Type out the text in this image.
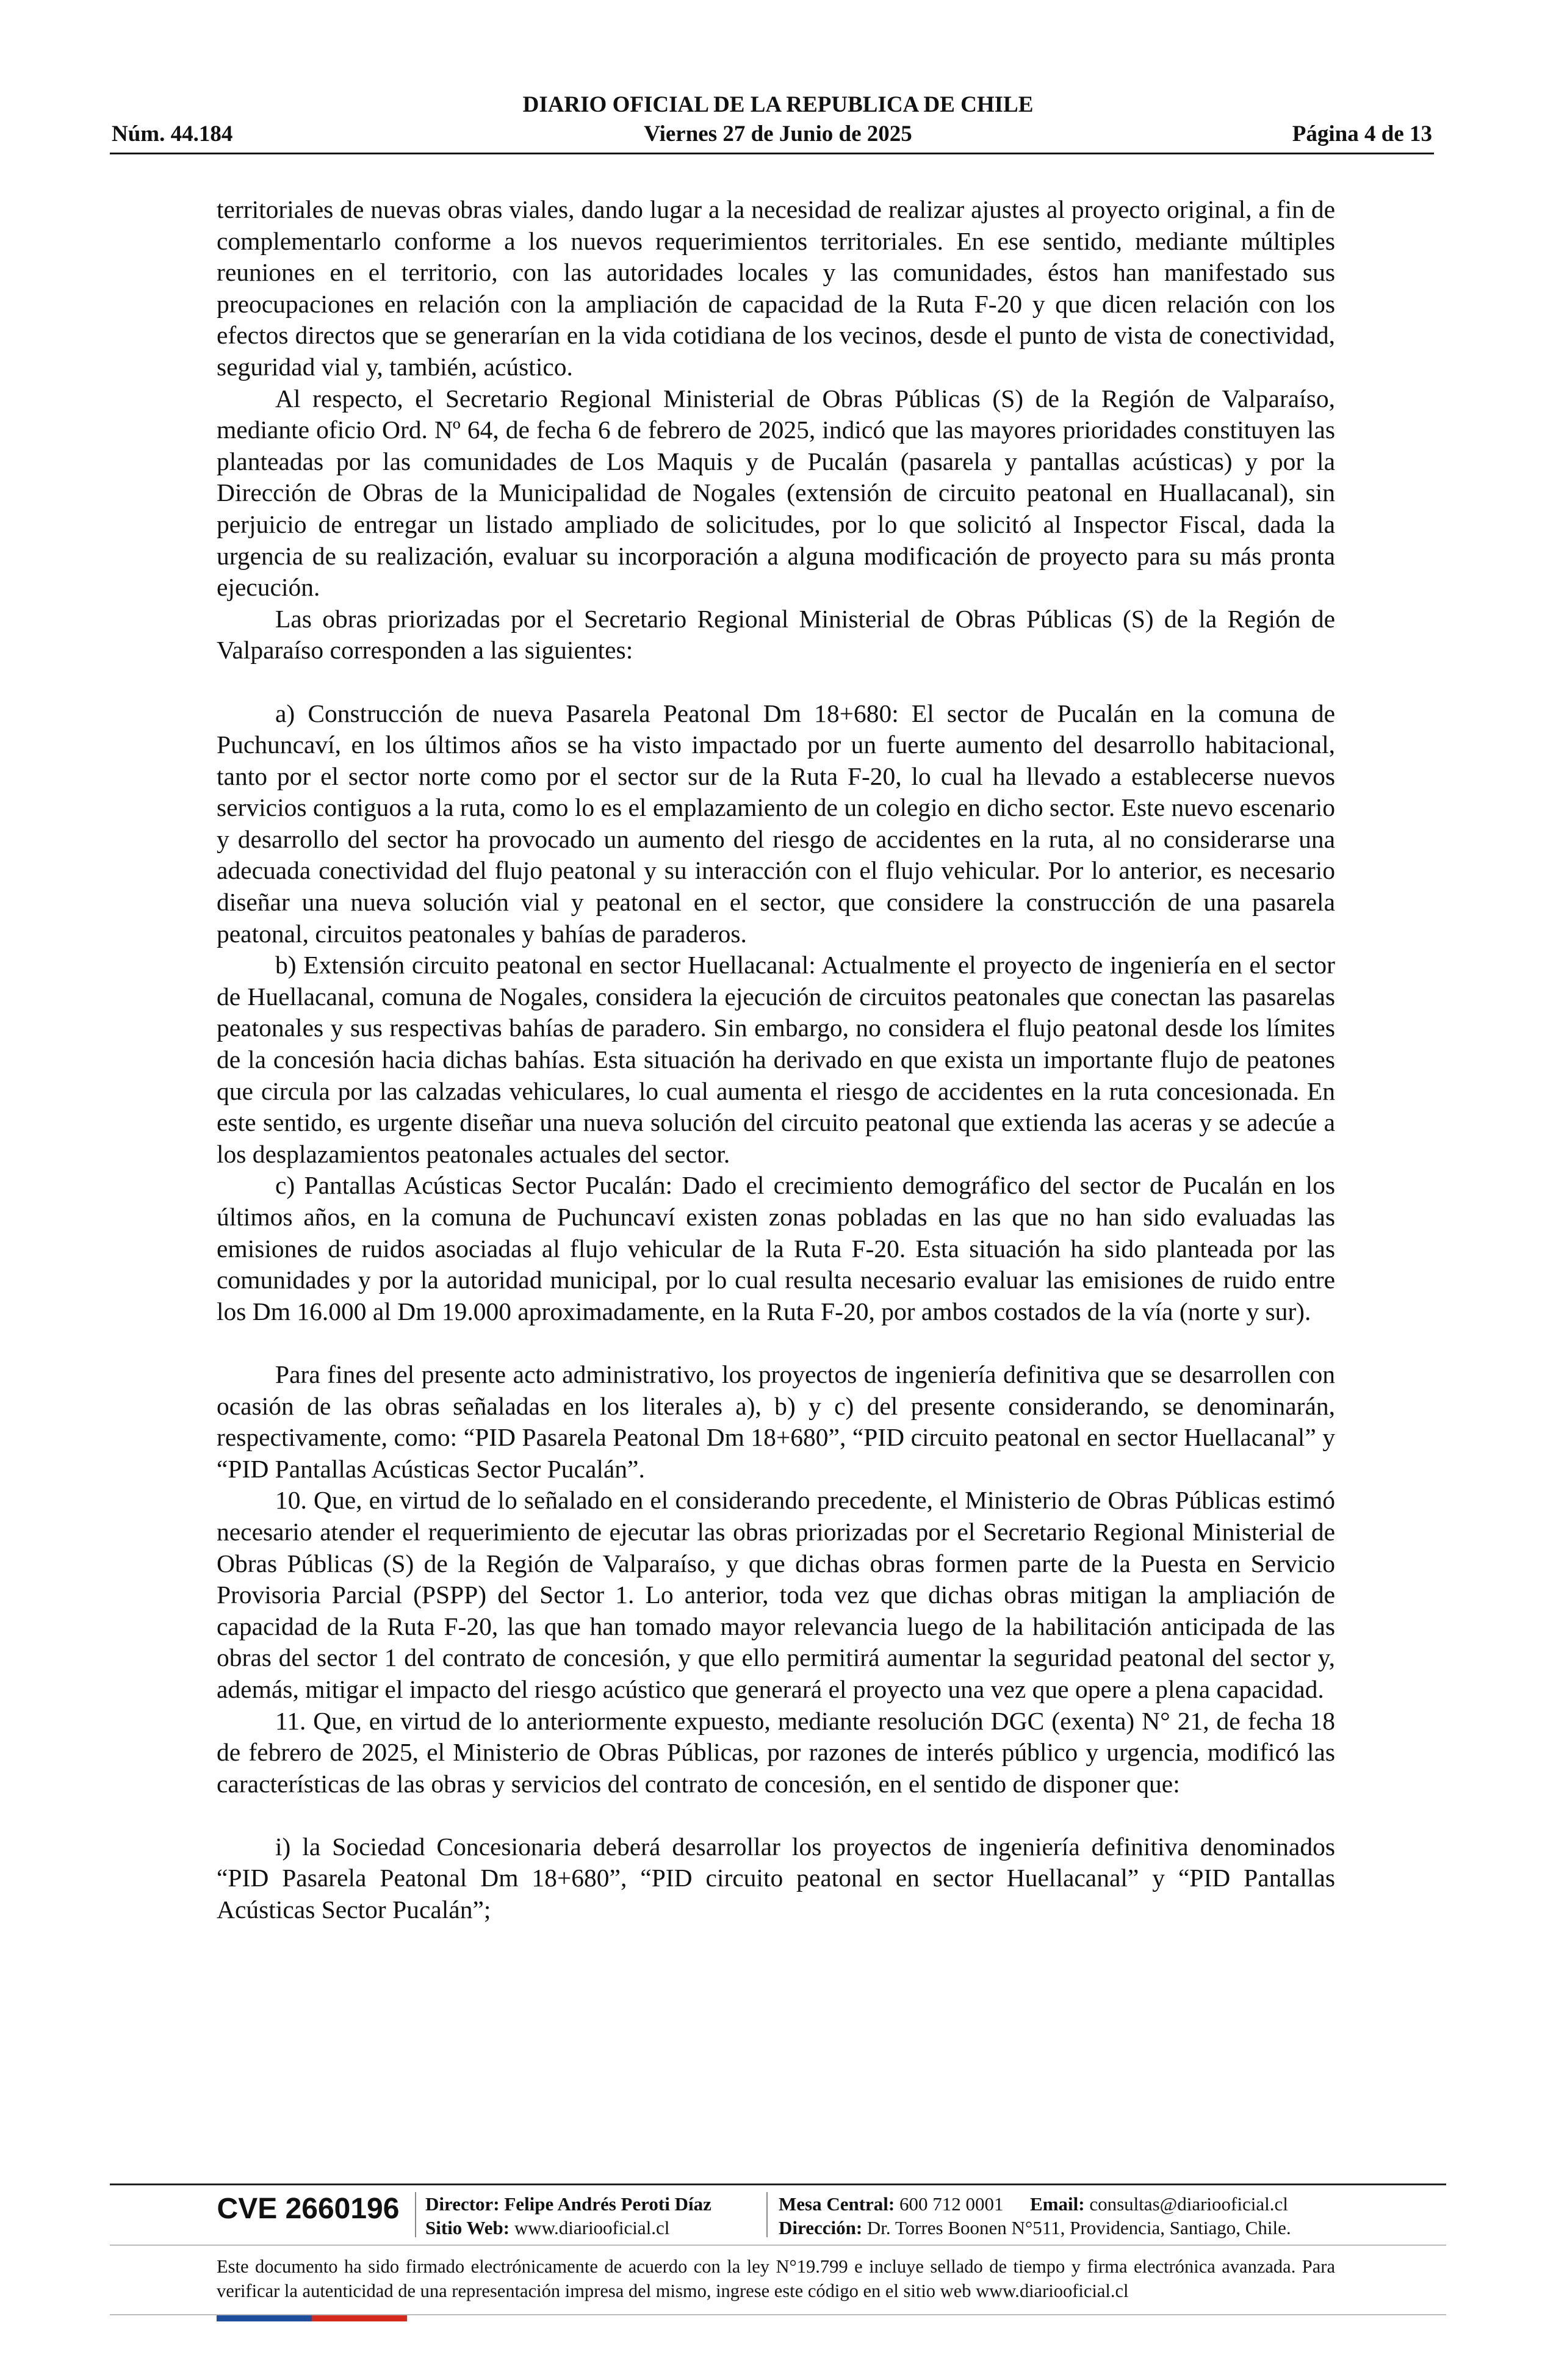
DIARIO OFICIAL DE LA REPUBLICA DE CHILE
Núm. 44.184	Viernes 27 de Junio de 2025	Página 4 de 13

territoriales de nuevas obras viales, dando lugar a la necesidad de realizar ajustes al proyecto original, a fin de complementarlo conforme a los nuevos requerimientos territoriales. En ese sentido, mediante múltiples reuniones en el territorio, con las autoridades locales y las comunidades, éstos han manifestado sus preocupaciones en relación con la ampliación de capacidad de la Ruta F-20 y que dicen relación con los efectos directos que se generarían en la vida cotidiana de los vecinos, desde el punto de vista de conectividad, seguridad vial y, también, acústico.

Al respecto, el Secretario Regional Ministerial de Obras Públicas (S) de la Región de Valparaíso, mediante oficio Ord. Nº 64, de fecha 6 de febrero de 2025, indicó que las mayores prioridades constituyen las planteadas por las comunidades de Los Maquis y de Pucalán (pasarela y pantallas acústicas) y por la Dirección de Obras de la Municipalidad de Nogales (extensión de circuito peatonal en Huallacanal), sin perjuicio de entregar un listado ampliado de solicitudes, por lo que solicitó al Inspector Fiscal, dada la urgencia de su realización, evaluar su incorporación a alguna modificación de proyecto para su más pronta ejecución.

Las obras priorizadas por el Secretario Regional Ministerial de Obras Públicas (S) de la Región de Valparaíso corresponden a las siguientes:

a) Construcción de nueva Pasarela Peatonal Dm 18+680: El sector de Pucalán en la comuna de Puchuncaví, en los últimos años se ha visto impactado por un fuerte aumento del desarrollo habitacional, tanto por el sector norte como por el sector sur de la Ruta F-20, lo cual ha llevado a establecerse nuevos servicios contiguos a la ruta, como lo es el emplazamiento de un colegio en dicho sector. Este nuevo escenario y desarrollo del sector ha provocado un aumento del riesgo de accidentes en la ruta, al no considerarse una adecuada conectividad del flujo peatonal y su interacción con el flujo vehicular. Por lo anterior, es necesario diseñar una nueva solución vial y peatonal en el sector, que considere la construcción de una pasarela peatonal, circuitos peatonales y bahías de paraderos.

b) Extensión circuito peatonal en sector Huellacanal: Actualmente el proyecto de ingeniería en el sector de Huellacanal, comuna de Nogales, considera la ejecución de circuitos peatonales que conectan las pasarelas peatonales y sus respectivas bahías de paradero. Sin embargo, no considera el flujo peatonal desde los límites de la concesión hacia dichas bahías. Esta situación ha derivado en que exista un importante flujo de peatones que circula por las calzadas vehiculares, lo cual aumenta el riesgo de accidentes en la ruta concesionada. En este sentido, es urgente diseñar una nueva solución del circuito peatonal que extienda las aceras y se adecúe a los desplazamientos peatonales actuales del sector.

c) Pantallas Acústicas Sector Pucalán: Dado el crecimiento demográfico del sector de Pucalán en los últimos años, en la comuna de Puchuncaví existen zonas pobladas en las que no han sido evaluadas las emisiones de ruidos asociadas al flujo vehicular de la Ruta F-20. Esta situación ha sido planteada por las comunidades y por la autoridad municipal, por lo cual resulta necesario evaluar las emisiones de ruido entre los Dm 16.000 al Dm 19.000 aproximadamente, en la Ruta F-20, por ambos costados de la vía (norte y sur).

Para fines del presente acto administrativo, los proyectos de ingeniería definitiva que se desarrollen con ocasión de las obras señaladas en los literales a), b) y c) del presente considerando, se denominarán, respectivamente, como: “PID Pasarela Peatonal Dm 18+680”, “PID circuito peatonal en sector Huellacanal” y “PID Pantallas Acústicas Sector Pucalán”.

10. Que, en virtud de lo señalado en el considerando precedente, el Ministerio de Obras Públicas estimó necesario atender el requerimiento de ejecutar las obras priorizadas por el Secretario Regional Ministerial de Obras Públicas (S) de la Región de Valparaíso, y que dichas obras formen parte de la Puesta en Servicio Provisoria Parcial (PSPP) del Sector 1. Lo anterior, toda vez que dichas obras mitigan la ampliación de capacidad de la Ruta F-20, las que han tomado mayor relevancia luego de la habilitación anticipada de las obras del sector 1 del contrato de concesión, y que ello permitirá aumentar la seguridad peatonal del sector y, además, mitigar el impacto del riesgo acústico que generará el proyecto una vez que opere a plena capacidad.

11. Que, en virtud de lo anteriormente expuesto, mediante resolución DGC (exenta) N° 21, de fecha 18 de febrero de 2025, el Ministerio de Obras Públicas, por razones de interés público y urgencia, modificó las características de las obras y servicios del contrato de concesión, en el sentido de disponer que:

i) la Sociedad Concesionaria deberá desarrollar los proyectos de ingeniería definitiva denominados “PID Pasarela Peatonal Dm 18+680”, “PID circuito peatonal en sector Huellacanal” y “PID Pantallas Acústicas Sector Pucalán”;

CVE 2660196	Director: Felipe Andrés Peroti Díaz
Sitio Web: www.diariooficial.cl
Mesa Central: 600 712 0001 Email: consultas@diariooficial.cl
Dirección: Dr. Torres Boonen N°511, Providencia, Santiago, Chile.
Este documento ha sido firmado electrónicamente de acuerdo con la ley N°19.799 e incluye sellado de tiempo y firma electrónica avanzada. Para verificar la autenticidad de una representación impresa del mismo, ingrese este código en el sitio web www.diariooficial.cl
